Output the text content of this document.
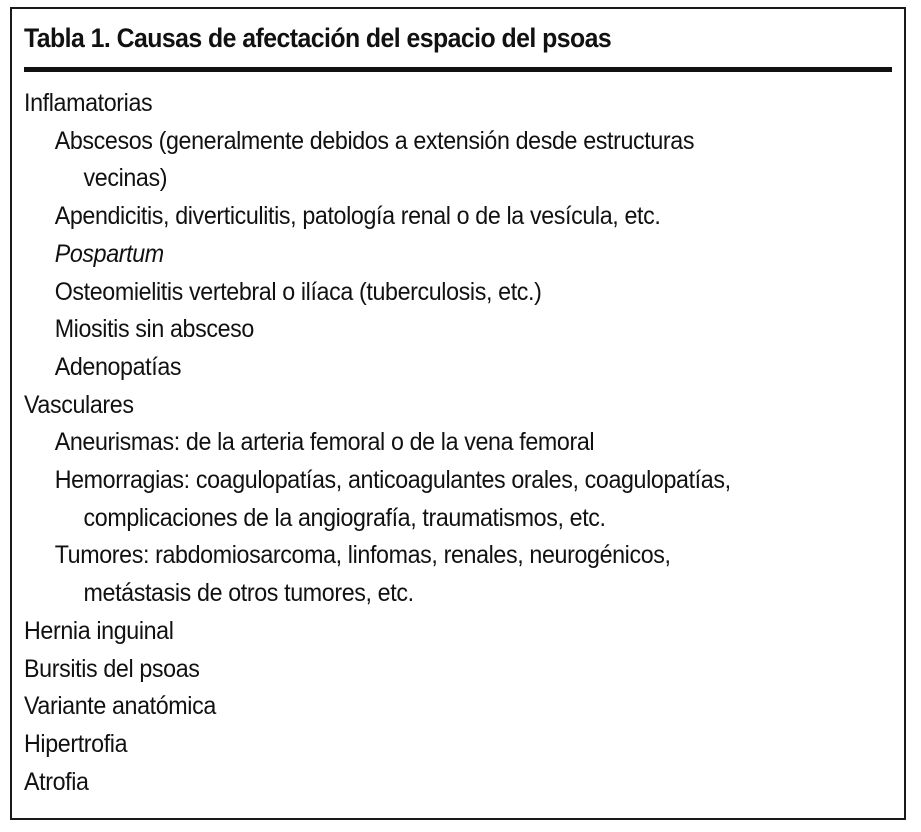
Tabla 1. Causas de afectación del espacio del psoas
Inflamatorias
Abscesos (generalmente debidos a extensión desde estructuras
vecinas)
Apendicitis, diverticulitis, patología renal o de la vesícula, etc.
Pospartum
Osteomielitis vertebral o ilíaca (tuberculosis, etc.)
Miositis sin absceso
Adenopatías
Vasculares
Aneurismas: de la arteria femoral o de la vena femoral
Hemorragias: coagulopatías, anticoagulantes orales, coagulopatías,
complicaciones de la angiografía, traumatismos, etc.
Tumores: rabdomiosarcoma, linfomas, renales, neurogénicos,
metástasis de otros tumores, etc.
Hernia inguinal
Bursitis del psoas
Variante anatómica
Hipertrofia
Atrofia
